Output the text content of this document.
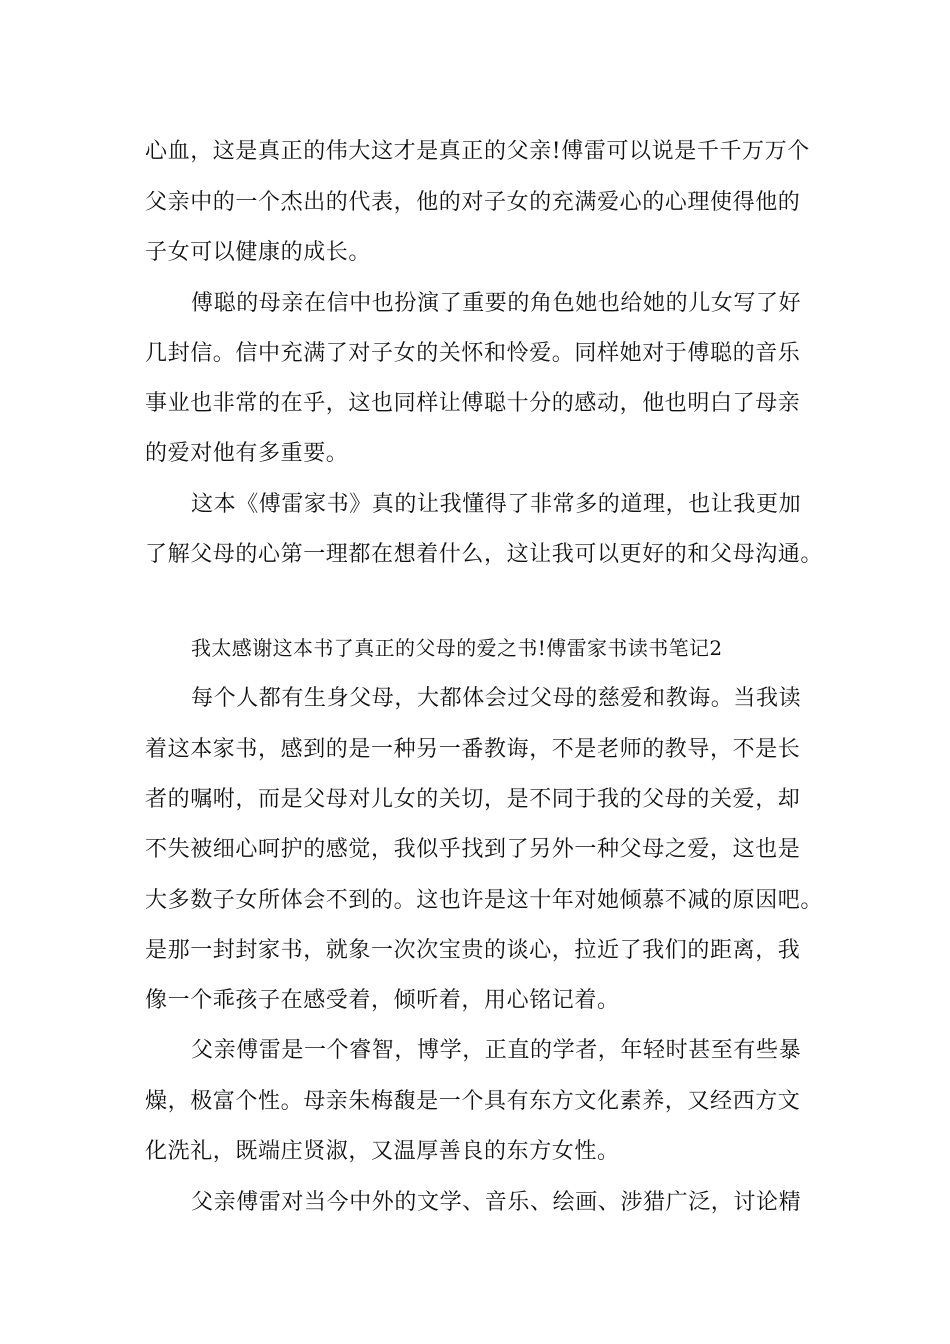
心血，这是真正的伟大这才是真正的父亲!傅雷可以说是千千万万个
父亲中的一个杰出的代表，他的对子女的充满爱心的心理使得他的
子女可以健康的成长。
傅聪的母亲在信中也扮演了重要的角色她也给她的儿女写了好
几封信。信中充满了对子女的关怀和怜爱。同样她对于傅聪的音乐
事业也非常的在乎，这也同样让傅聪十分的感动，他也明白了母亲
的爱对他有多重要。
这本《傅雷家书》真的让我懂得了非常多的道理，也让我更加
了解父母的心第一理都在想着什么，这让我可以更好的和父母沟通。
我太感谢这本书了真正的父母的爱之书!傅雷家书读书笔记2
每个人都有生身父母，大都体会过父母的慈爱和教诲。当我读
着这本家书，感到的是一种另一番教诲，不是老师的教导，不是长
者的嘱咐，而是父母对儿女的关切，是不同于我的父母的关爱，却
不失被细心呵护的感觉，我似乎找到了另外一种父母之爱，这也是
大多数子女所体会不到的。这也许是这十年对她倾慕不减的原因吧。
是那一封封家书，就象一次次宝贵的谈心，拉近了我们的距离，我
像一个乖孩子在感受着，倾听着，用心铭记着。
父亲傅雷是一个睿智，博学，正直的学者，年轻时甚至有些暴
燥，极富个性。母亲朱梅馥是一个具有东方文化素养，又经西方文
化洗礼，既端庄贤淑，又温厚善良的东方女性。
父亲傅雷对当今中外的文学、音乐、绘画、涉猎广泛，讨论精
